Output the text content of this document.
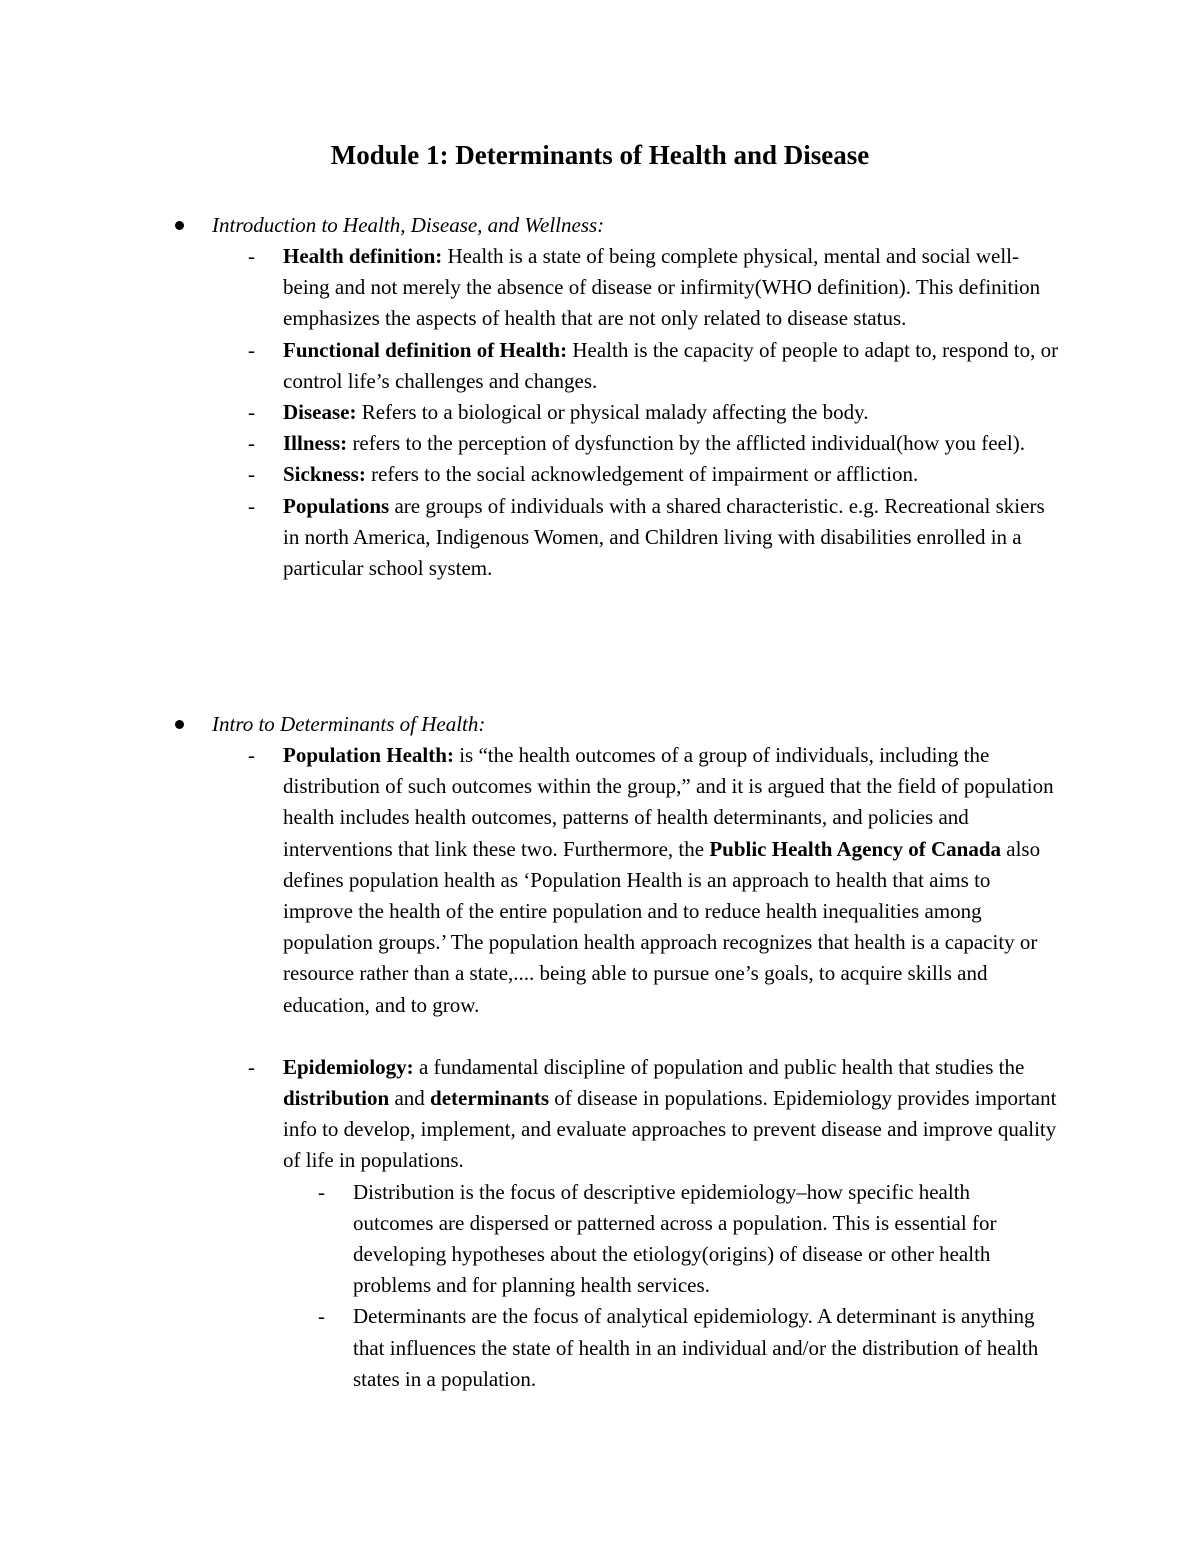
Module 1: Determinants of Health and Disease
Introduction to Health, Disease, and Wellness:
- Health definition: Health is a state of being complete physical, mental and social well-being and not merely the absence of disease or infirmity(WHO definition). This definition emphasizes the aspects of health that are not only related to disease status.
- Functional definition of Health: Health is the capacity of people to adapt to, respond to, or control life’s challenges and changes.
- Disease: Refers to a biological or physical malady affecting the body.
- Illness: refers to the perception of dysfunction by the afflicted individual(how you feel).
- Sickness: refers to the social acknowledgement of impairment or affliction.
- Populations are groups of individuals with a shared characteristic. e.g. Recreational skiers in north America, Indigenous Women, and Children living with disabilities enrolled in a particular school system.
Intro to Determinants of Health:
- Population Health: is “the health outcomes of a group of individuals, including the distribution of such outcomes within the group,” and it is argued that the field of population health includes health outcomes, patterns of health determinants, and policies and interventions that link these two. Furthermore, the Public Health Agency of Canada also defines population health as ‘Population Health is an approach to health that aims to improve the health of the entire population and to reduce health inequalities among population groups.’ The population health approach recognizes that health is a capacity or resource rather than a state,.... being able to pursue one’s goals, to acquire skills and education, and to grow.
- Epidemiology: a fundamental discipline of population and public health that studies the distribution and determinants of disease in populations. Epidemiology provides important info to develop, implement, and evaluate approaches to prevent disease and improve quality of life in populations.
- Distribution is the focus of descriptive epidemiology–how specific health outcomes are dispersed or patterned across a population. This is essential for developing hypotheses about the etiology(origins) of disease or other health problems and for planning health services.
- Determinants are the focus of analytical epidemiology. A determinant is anything that influences the state of health in an individual and/or the distribution of health states in a population.
